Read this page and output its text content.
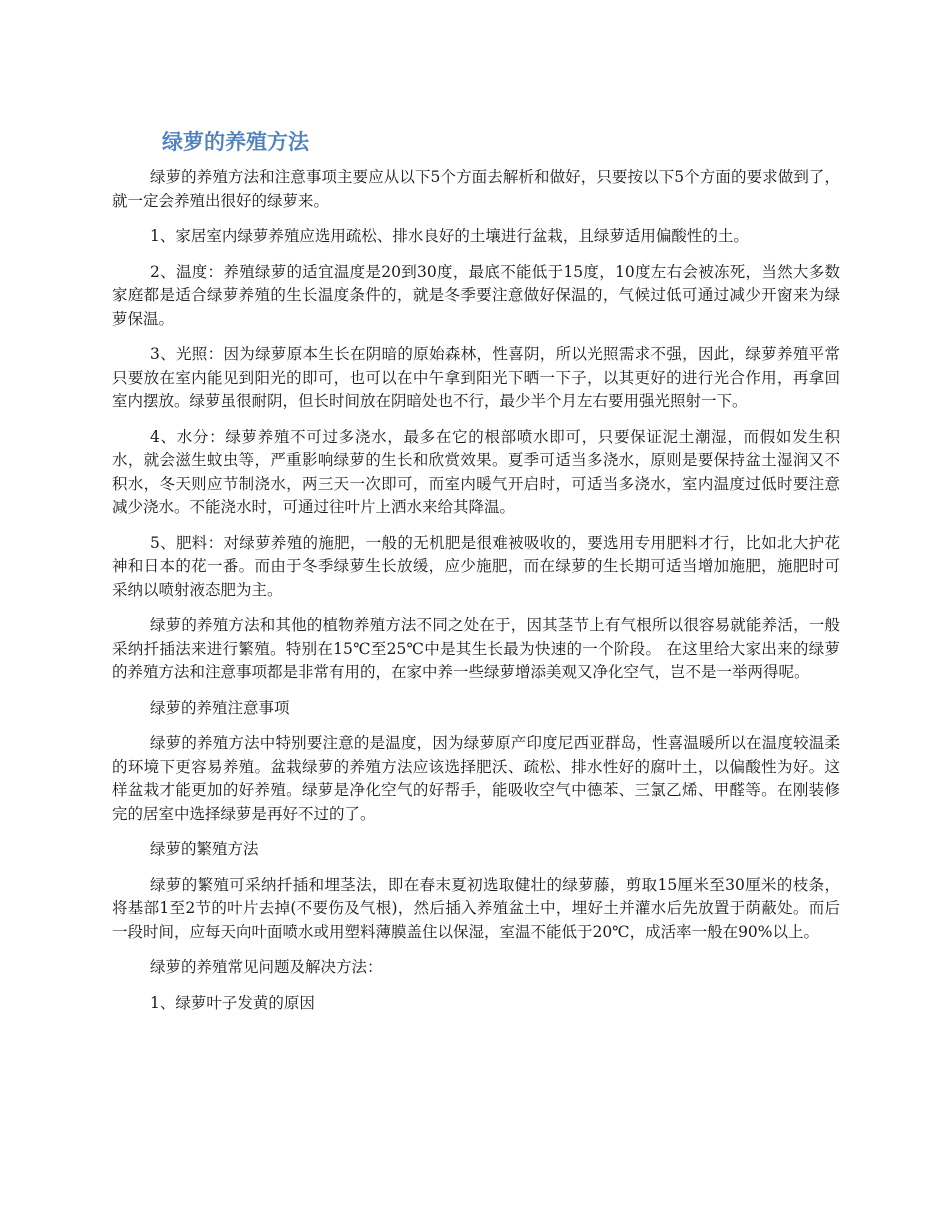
绿萝的养殖方法

绿萝的养殖方法和注意事项主要应从以下5个方面去解析和做好，只要按以下5个方面的要求做到了，就一定会养殖出很好的绿萝来。

1、家居室内绿萝养殖应选用疏松、排水良好的土壤进行盆栽，且绿萝适用偏酸性的土。

2、温度：养殖绿萝的适宜温度是20到30度，最底不能低于15度，10度左右会被冻死，当然大多数家庭都是适合绿萝养殖的生长温度条件的，就是冬季要注意做好保温的，气候过低可通过减少开窗来为绿萝保温。

3、光照：因为绿萝原本生长在阴暗的原始森林，性喜阴，所以光照需求不强，因此，绿萝养殖平常只要放在室内能见到阳光的即可，也可以在中午拿到阳光下晒一下子，以其更好的进行光合作用，再拿回室内摆放。绿萝虽很耐阴，但长时间放在阴暗处也不行，最少半个月左右要用强光照射一下。

4、水分：绿萝养殖不可过多浇水，最多在它的根部喷水即可，只要保证泥土潮湿，而假如发生积水，就会滋生蚊虫等，严重影响绿萝的生长和欣赏效果。夏季可适当多浇水，原则是要保持盆土湿润又不积水，冬天则应节制浇水，两三天一次即可，而室内暖气开启时，可适当多浇水，室内温度过低时要注意减少浇水。不能浇水时，可通过往叶片上洒水来给其降温。

5、肥料：对绿萝养殖的施肥，一般的无机肥是很难被吸收的，要选用专用肥料才行，比如北大护花神和日本的花一番。而由于冬季绿萝生长放缓，应少施肥，而在绿萝的生长期可适当增加施肥，施肥时可采纳以喷射液态肥为主。

绿萝的养殖方法和其他的植物养殖方法不同之处在于，因其茎节上有气根所以很容易就能养活，一般采纳扦插法来进行繁殖。特别在15℃至25℃中是其生长最为快速的一个阶段。 在这里给大家出来的绿萝的养殖方法和注意事项都是非常有用的，在家中养一些绿萝增添美观又净化空气，岂不是一举两得呢。

绿萝的养殖注意事项

绿萝的养殖方法中特别要注意的是温度，因为绿萝原产印度尼西亚群岛，性喜温暖所以在温度较温柔的环境下更容易养殖。盆栽绿萝的养殖方法应该选择肥沃、疏松、排水性好的腐叶土，以偏酸性为好。这样盆栽才能更加的好养殖。绿萝是净化空气的好帮手，能吸收空气中德苯、三氯乙烯、甲醛等。在刚装修完的居室中选择绿萝是再好不过的了。

绿萝的繁殖方法

绿萝的繁殖可采纳扦插和埋茎法，即在春末夏初选取健壮的绿萝藤，剪取15厘米至30厘米的枝条，将基部1至2节的叶片去掉(不要伤及气根)，然后插入养殖盆土中，埋好土并灌水后先放置于荫蔽处。而后一段时间，应每天向叶面喷水或用塑料薄膜盖住以保湿，室温不能低于20℃，成活率一般在90%以上。

绿萝的养殖常见问题及解决方法：

1、绿萝叶子发黄的原因
